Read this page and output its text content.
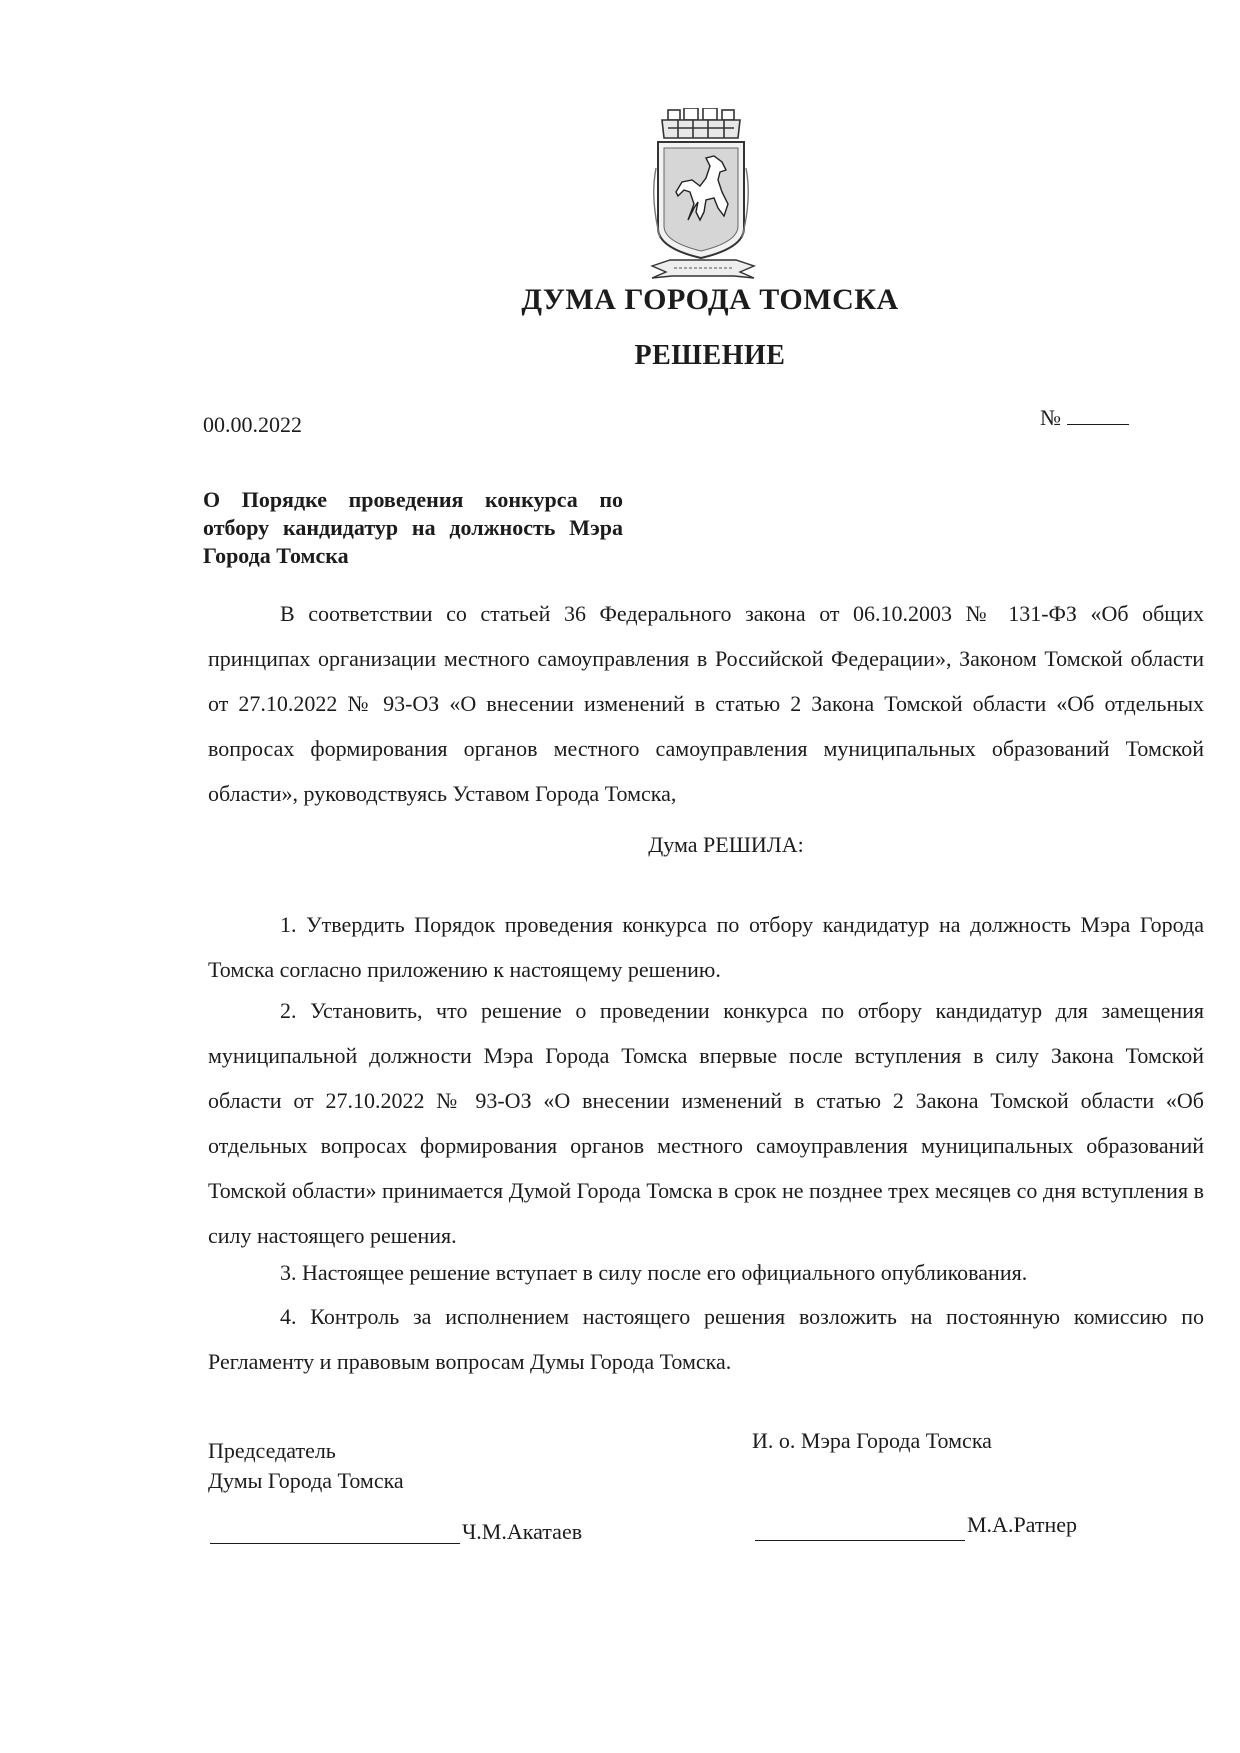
ДУМА ГОРОДА ТОМСКА
РЕШЕНИЕ
00.00.2022	№
О Порядке проведения конкурса по отбору кандидатур на должность Мэра Города Томска
В соответствии со статьей 36 Федерального закона от 06.10.2003 № 131-ФЗ «Об общих принципах организации местного самоуправления в Российской Федерации», Законом Томской области от 27.10.2022 № 93-ОЗ «О внесении изменений в статью 2 Закона Томской области «Об отдельных вопросах формирования органов местного самоуправления муниципальных образований Томской области», руководствуясь Уставом Города Томска,
Дума РЕШИЛА:
1. Утвердить Порядок проведения конкурса по отбору кандидатур на должность Мэра Города Томска согласно приложению к настоящему решению.
2. Установить, что решение о проведении конкурса по отбору кандидатур для замещения муниципальной должности Мэра Города Томска впервые после вступления в силу Закона Томской области от 27.10.2022 № 93-ОЗ «О внесении изменений в статью 2 Закона Томской области «Об отдельных вопросах формирования органов местного самоуправления муниципальных образований Томской области» принимается Думой Города Томска в срок не позднее трех месяцев со дня вступления в силу настоящего решения.
3. Настоящее решение вступает в силу после его официального опубликования.
4. Контроль за исполнением настоящего решения возложить на постоянную комиссию по Регламенту и правовым вопросам Думы Города Томска.
Председатель
Думы Города Томска
И. о. Мэра Города Томска
Ч.М.Акатаев	М.А.Ратнер
